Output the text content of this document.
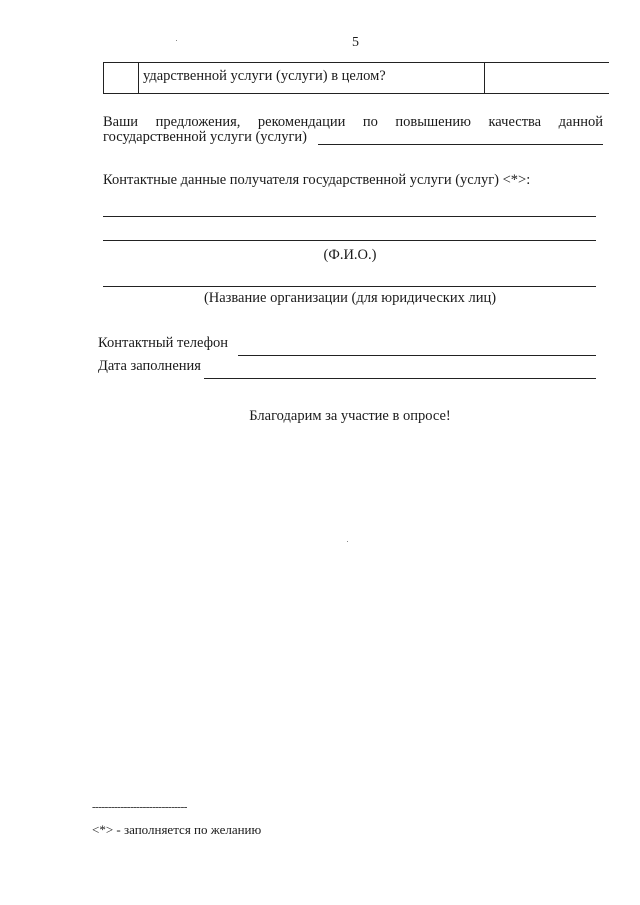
5
ударственной услуги (услуги) в целом?
Ваши предложения, рекомендации по повышению качества данной
государственной услуги (услуги)
Контактные данные получателя государственной услуги (услуг) <*>:
(Ф.И.О.)
(Название организации (для юридических лиц)
Контактный телефон
Дата заполнения
Благодарим за участие в опросе!
------------------------------
<*> - заполняется по желанию
